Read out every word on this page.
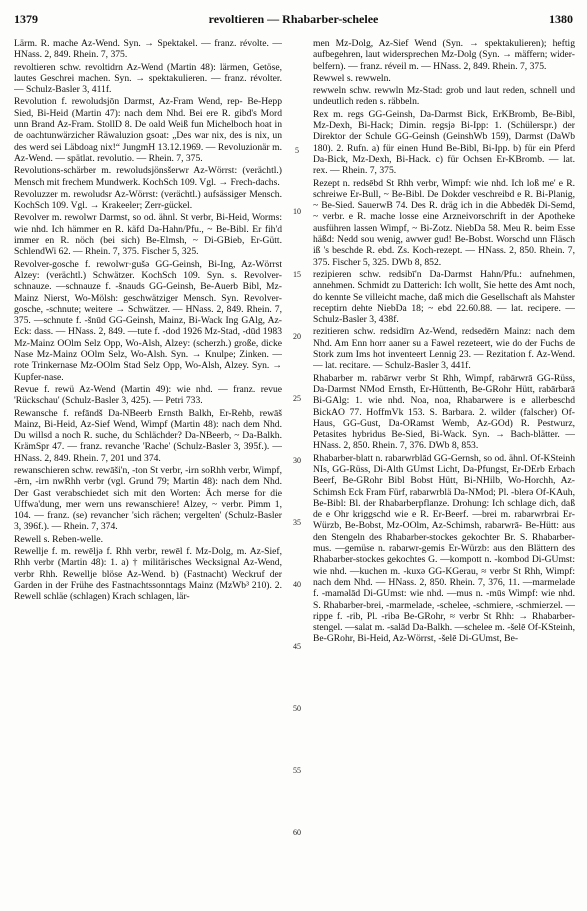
1379	revoltieren — Rhabarber-schelee	1380

Lärm. R. mache Az-Wend. Syn. → Spektakel. — franz. révolte. — HNass. 2, 849. Rhein. 7, 375.

revoltieren schw. revoltidrn Az-Wend (Martin 48): lärmen, Getöse, lautes Geschrei machen. Syn. → spektakulieren. — franz. révolter. — Schulz-Basler 3, 411f.

Revolution f. rewoludsjōn Darmst, Az-Fram Wend, rep- Be-Hepp Sied, Bi-Heid (Martin 47): nach dem Nhd. Bei ere R. gibd's Mord unn Brand Az-Fram. StollD 8. De oald Weiß fun Michelboch hoat in de oachtunwärzicher Räwaluzion gsoat: „Des war nix, des is nix, un des werd sei Läbdoag nix!“ JungmH 13.12.1969. — Revoluzionär m. Az-Wend. — spätlat. revolutio. — Rhein. 7, 375.

Revolutions-schärber m. rewoludsjönsšerwr Az-Wörrst: (verächtl.) Mensch mit frechem Mundwerk. KochSch 109. Vgl. → Frech-dachs.

Revoluzzer m. rewoludsr Az-Wörrst: (verächtl.) aufsässiger Mensch. KochSch 109. Vgl. → Krakeeler; Zerr-gückel.

Revolver m. rewolwr Darmst, so od. ähnl. St verbr, Bi-Heid, Worms: wie nhd. Ich hämmer en R. käfd Da-Hahn/Pfu., ~ Be-Bibl. Er fih'd immer en R. nöch (bei sich) Be-Elmsh, ~ Di-GBieb, Er-Gütt. SchlendWi 62. — Rhein. 7, 375. Fischer 5, 325.

Revolver-gosche f. rewolwr·gušǝ GG-Geinsh, Bi-Ing, Az-Wörrst Alzey: (verächtl.) Schwätzer. KochSch 109. Syn. s. Revolver-schnauze. —schnauze f. -šnauds GG-Geinsh, Be-Auerb Bibl, Mz-Mainz Nierst, Wo-Mölsh: geschwätziger Mensch. Syn. Revolver-gosche, -schnute; weitere → Schwätzer. — HNass. 2, 849. Rhein. 7, 375. —schnute f. -šnūd GG-Geinsh, Mainz, Bi-Wack Ing GAlg, Az-Eck: dass. — HNass. 2, 849. —tute f. -dod 1926 Mz-Stad, -dūd 1983 Mz-Mainz OOlm Selz Opp, Wo-Alsh, Alzey: (scherzh.) große, dicke Nase Mz-Mainz OOlm Selz, Wo-Alsh. Syn. → Knulpe; Zinken. — rote Trinkernase Mz-OOlm Stad Selz Opp, Wo-Alsh, Alzey. Syn. → Kupfer-nase.

Revue f. rewü Az-Wend (Martin 49): wie nhd. — franz. revue 'Rückschau' (Schulz-Basler 3, 425). — Petri 733.

Rewansche f. refāndš Da-NBeerb Ernsth Balkh, Er-Rehb, rewāš Mainz, Bi-Heid, Az-Sief Wend, Wimpf (Martin 48): nach dem Nhd. Du willsd a noch R. suche, du Schlächder? Da-NBeerb, ~ Da-Balkh. KrämSpr 47. — franz. revanche 'Rache' (Schulz-Basler 3, 395f.). — HNass. 2, 849. Rhein. 7, 201 und 374.

rewanschieren schw. rewāši'n, -ton St verbr, -irn soRhh verbr, Wimpf, -ērn, -irn nwRhh verbr (vgl. Grund 79; Martin 48): nach dem Nhd. Der Gast verabschiedet sich mit den Worten: Äch merse for die Uffwa'dung, mer wern uns rewanschiere! Alzey, ~ verbr. Pimm 1, 104. — franz. (se) revancher 'sich rächen; vergelten' (Schulz-Basler 3, 396f.). — Rhein. 7, 374.

Rewell s. Reben-welle.

Rewellje f. m. rewēljǝ f. Rhh verbr, rewēl f. Mz-Dolg, m. Az-Sief, Rhh verbr (Martin 48): 1. a) † militärisches Wecksignal Az-Wend, verbr Rhh. Rewellje blöse Az-Wend. b) (Fastnacht) Weckruf der Garden in der Frühe des Fastnachtssonntags Mainz (MzWb³ 210). 2. Rewell schläe (schlagen) Krach schlagen, lär-

5
10
15
20
25
30
35
40
45
50
55
60

men Mz-Dolg, Az-Sief Wend (Syn. → spektakulieren); heftig aufbegehren, laut widersprechen Mz-Dolg (Syn. → mäffern; wider-belfern). — franz. réveil m. — HNass. 2, 849. Rhein. 7, 375.

Rewwel s. rewweln.

rewweln schw. rewwln Mz-Stad: grob und laut reden, schnell und undeutlich reden s. räbbeln.

Rex m. regs GG-Geinsh, Da-Darmst Bick, ErKBromb, Be-Bibl, Mz-Dexh, Bi-Hack; Dimin. regsjǝ Bi-Ipp: 1. (Schülerspr.) der Direktor der Schule GG-Geinsh (GeinshWb 159), Darmst (DaWb 180). 2. Rufn. a) für einen Hund Be-Bibl, Bi-Ipp. b) für ein Pferd Da-Bick, Mz-Dexh, Bi-Hack. c) für Ochsen Er-KBromb. — lat. rex. — Rhein. 7, 375.

Rezept n. redsēbd St Rhh verbr, Wimpf: wie nhd. Ich loß me' e R. schreiwe Er-Bull, ~ Be-Bibl. De Dokder veschreibd e R. Bi-Planig, ~ Be-Sied. SauerwB 74. Des R. dräg ich in die Abbedēk Di-Semd, ~ verbr. e R. mache losse eine Arzneivorschrift in der Apotheke ausführen lassen Wimpf, ~ Bi-Zotz. NiebDa 58. Meu R. beim Esse häßd: Nedd sou wenig, awwer gud! Be-Bobst. Worschd unn Fläsch iß 's beschde R. ebd. Zs. Koch-rezept. — HNass. 2, 850. Rhein. 7, 375. Fischer 5, 325. DWb 8, 852.

rezipieren schw. redsibī'n Da-Darmst Hahn/Pfu.: aufnehmen, annehmen. Schmidt zu Datterich: Ich wollt, Sie hette des Amt noch, do kennte Se villeicht mache, daß mich die Gesellschaft als Mahster receptirn dehte NiebDa 18; ~ ebd 22.60.88. — lat. recipere. — Schulz-Basler 3, 438f.

rezitieren schw. redsidīrn Az-Wend, redsedērn Mainz: nach dem Nhd. Am Enn horr aaner su a Fawel rezeteert, wie do der Fuchs de Stork zum Ims hot inventeert Lennig 23. — Rezitation f. Az-Wend. — lat. recitare. — Schulz-Basler 3, 441f.

Rhabarber m. rabārwr verbr St Rhh, Wimpf, rabārwrā GG-Rüss, Da-Darmst NMod Ernsth, Er-Hüttenth, Be-GRohr Hütt, rabārbarā Bi-GAlg: 1. wie nhd. Noa, noa, Rhabarwere is e allerbeschd BickAO 77. HoffmVk 153. S. Barbara. 2. wilder (falscher) Of-Haus, GG-Gust, Da-ORamst Wemb, Az-GOd) R. Pestwurz, Petasites hybridus Be-Sied, Bi-Wack. Syn. → Bach-blätter. — HNass. 2, 850. Rhein. 7, 376. DWb 8, 853.

Rhabarber-blatt n. rabarwrblād GG-Gernsh, so od. ähnl. Of-KSteinh NIs, GG-Rüss, Di-Alth GUmst Licht, Da-Pfungst, Er-DErb Erbach Beerf, Be-GRohr Bibl Bobst Hütt, Bi-NHilb, Wo-Horchh, Az-Schimsh Eck Fram Fürf, rabarwrblä Da-NMod; Pl. -blerǝ Of-KAuh, Be-Bibl: Bl. der Rhabarberpflanze. Drohung: Ich schlage dich, daß de e Ohr kriggschd wie e R. Er-Beerf. —brei m. rabarwrbrai Er-Würzb, Be-Bobst, Mz-OOlm, Az-Schimsh, rabarwrā- Be-Hütt: aus den Stengeln des Rhabarber-stockes gekochter Br. S. Rhabarber-mus. —gemüse n. rabarwr-gemis Er-Würzb: aus den Blättern des Rhabarber-stockes gekochtes G. —kompott n. -kombod Di-GUmst: wie nhd. —kuchen m. -kuxǝ GG-KGerau, ≈ verbr St Rhh, Wimpf: nach dem Nhd. — HNass. 2, 850. Rhein. 7, 376, 11. —marmelade f. -mamǝlād Di-GUmst: wie nhd. —mus n. -mūs Wimpf: wie nhd. S. Rhabarber-brei, -marmelade, -schelee, -schmiere, -schmierzel. —rippe f. -rib, Pl. -ribǝ Be-GRohr, ≈ verbr St Rhh: → Rhabarber-stengel. —salat m. -salād Da-Balkh. —schelee m. -šelē Of-KSteinh, Be-GRohr, Bi-Heid, Az-Wörrst, -šelē Di-GUmst, Be-
